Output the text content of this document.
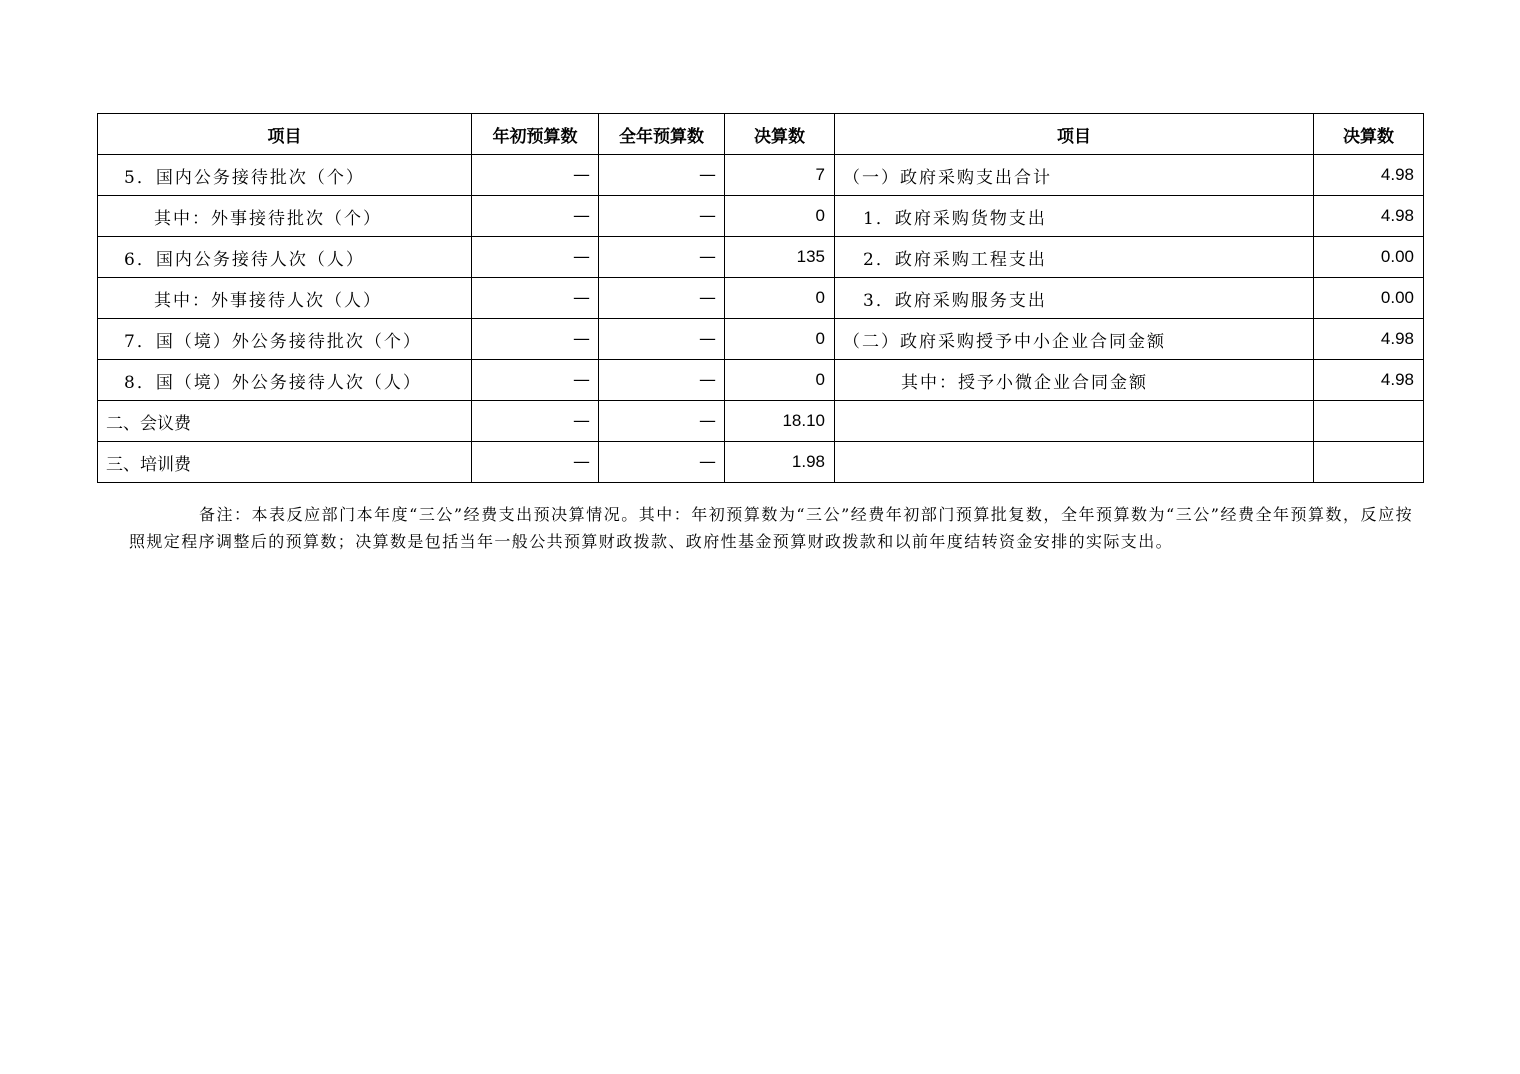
项目	年初预算数	全年预算数	决算数	项目	决算数
5．国内公务接待批次（个）	—	—	7	（一）政府采购支出合计	4.98
其中：外事接待批次（个）	—	—	0	1．政府采购货物支出	4.98
6．国内公务接待人次（人）	—	—	135	2．政府采购工程支出	0.00
其中：外事接待人次（人）	—	—	0	3．政府采购服务支出	0.00
7．国（境）外公务接待批次（个）	—	—	0	（二）政府采购授予中小企业合同金额	4.98
8．国（境）外公务接待人次（人）	—	—	0	其中：授予小微企业合同金额	4.98
二、会议费	—	—	18.10		
三、培训费	—	—	1.98		

备注：本表反应部门本年度“三公”经费支出预决算情况。其中：年初预算数为“三公”经费年初部门预算批复数，全年预算数为“三公”经费全年预算数，反应按照规定程序调整后的预算数；决算数是包括当年一般公共预算财政拨款、政府性基金预算财政拨款和以前年度结转资金安排的实际支出。
